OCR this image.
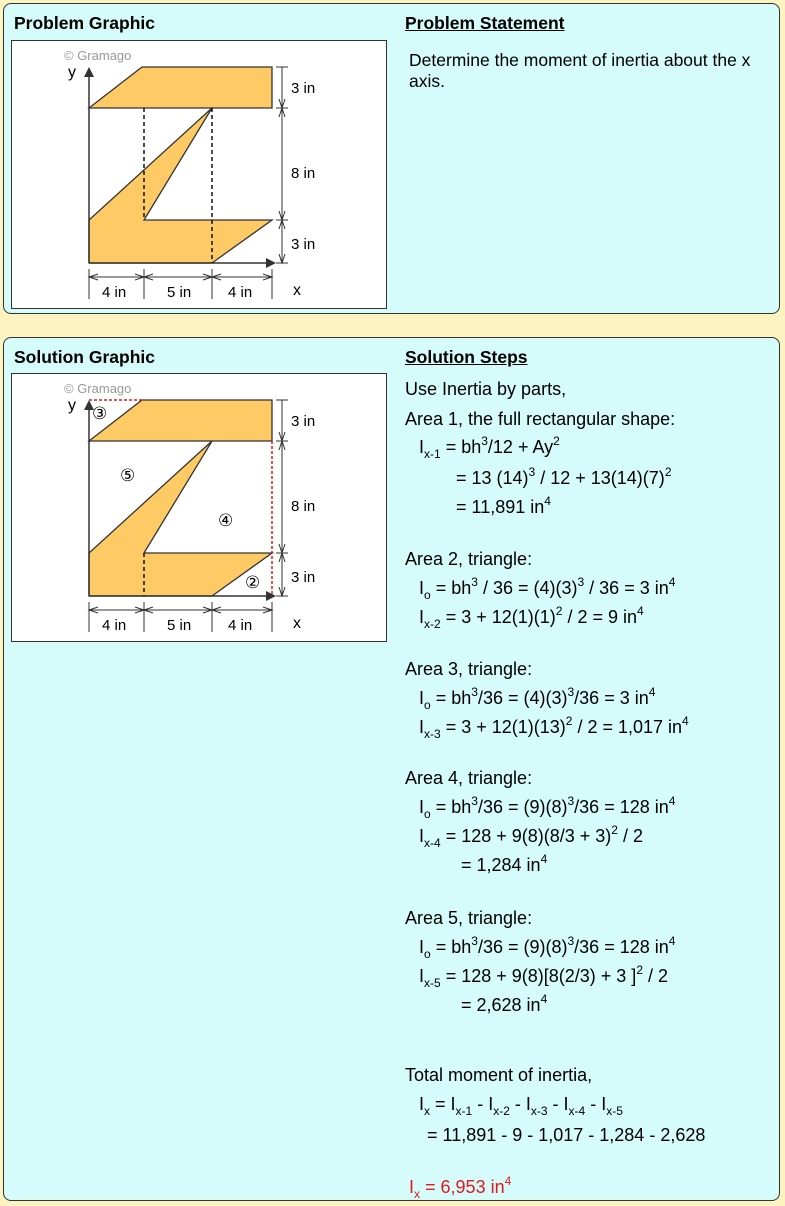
Problem Graphic	Problem Statement
Determine the moment of inertia about the x axis.
© Gramago
y
x
3 in
8 in
3 in
4 in	5 in 4 in
Solution Graphic	Solution Steps
© Gramago
y
x
③
⑤
④
②
3 in
8 in
3 in
4 in	5 in 4 in
Use Inertia by parts,
Area 1, the full rectangular shape:
$I_{x-1} = bh^3/12 + Ay^2$
= 13 $(14)^3 / 12 + 13(14)(7)^2$
= 11,891 $in^4$
Area 2, triangle:
$I_o = bh^3 / 36 = (4)(3)^3 / 36 = 3$ $in^4$
$I_{x-2} = 3 + 12(1)(1)^2 / 2 = 9$ $in^4$
Area 3, triangle:
$I_o = bh^3/36 = (4)(3)^3/36 = 3$ $in^4$
$I_{x-3} = 3 + 12(1)(13)^2 / 2 = 1,017$ $in^4$
Area 4, triangle:
$I_o = bh^3/36 = (9)(8)^3/36 = 128$ $in^4$
$I_{x-4} = 128 + 9(8)(8/3 + 3)^2 / 2$
= 1,284 $in^4$
Area 5, triangle:
$I_o = bh^3/36 = (9)(8)^3/36 = 128$ $in^4$
$I_{x-5} = 128 + 9(8)[8(2/3) + 3$ ]$^2$ / 2
= 2,628 $in^4$
Total moment of inertia,
$I_x = I_{x-1} - I_{x-2} - I_{x-3} - I_{x-4} - I_{x-5}$
= 11,891 - 9 - 1,017 - 1,284 - 2,628
$I_x = 6,953$ $in^4$
